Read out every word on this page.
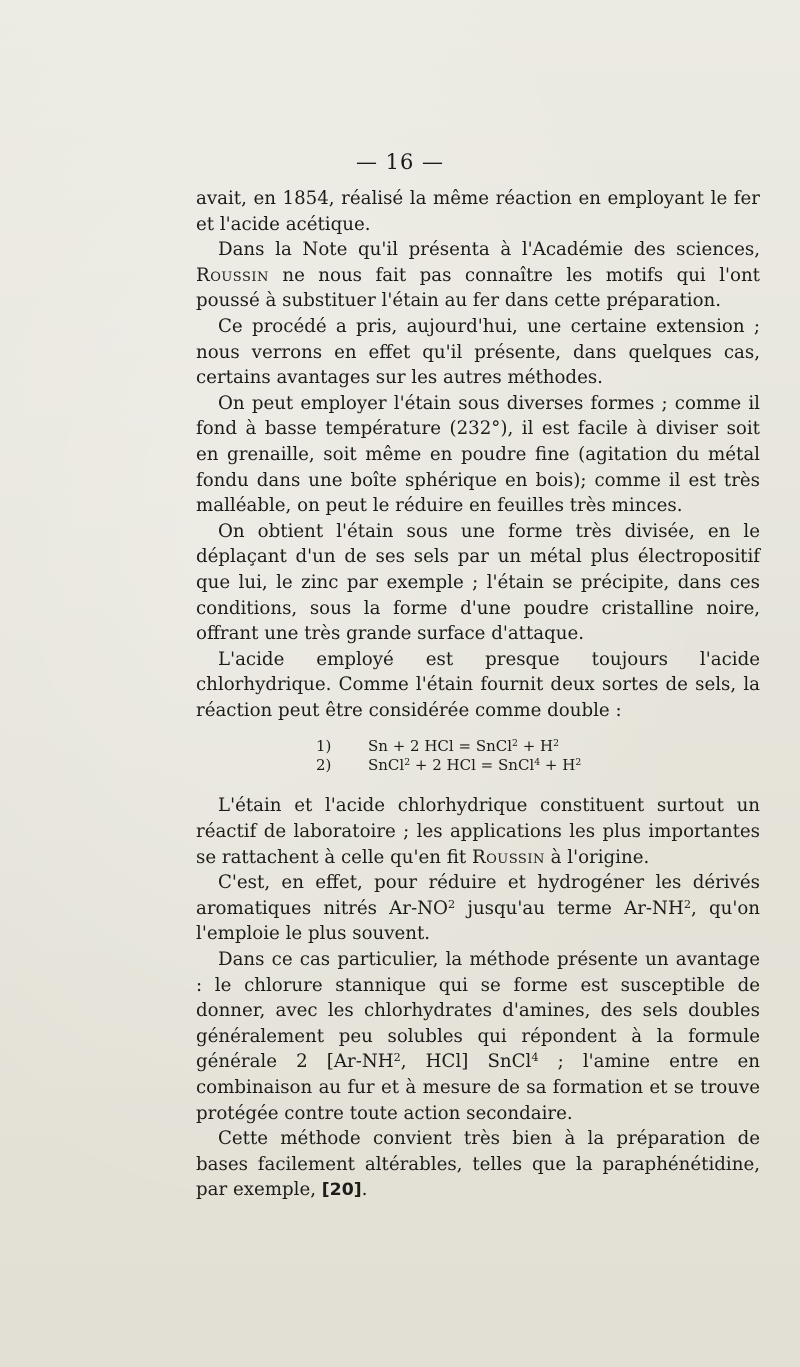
— 16 —

avait, en 1854, réalisé la même réaction en employant le fer et l'acide acétique.

Dans la Note qu'il présenta à l'Académie des sciences, Roussin ne nous fait pas connaître les motifs qui l'ont poussé à substituer l'étain au fer dans cette préparation.

Ce procédé a pris, aujourd'hui, une certaine extension ; nous verrons en effet qu'il présente, dans quelques cas, certains avantages sur les autres méthodes.

On peut employer l'étain sous diverses formes ; comme il fond à basse température (232°), il est facile à diviser soit en grenaille, soit même en poudre fine (agitation du métal fondu dans une boîte sphérique en bois); comme il est très malléable, on peut le réduire en feuilles très minces.

On obtient l'étain sous une forme très divisée, en le déplaçant d'un de ses sels par un métal plus électropositif que lui, le zinc par exemple ; l'étain se précipite, dans ces conditions, sous la forme d'une poudre cristalline noire, offrant une très grande surface d'attaque.

L'acide employé est presque toujours l'acide chlorhydrique. Comme l'étain fournit deux sortes de sels, la réaction peut être considérée comme double :

1)	Sn + 2 HCl = SnCl$^2$ + $H^2$
2)	SnCl$^2$ + 2 HCl = SnCl$^4$ + $H^2$

L'étain et l'acide chlorhydrique constituent surtout un réactif de laboratoire ; les applications les plus importantes se rattachent à celle qu'en fit Roussin à l'origine.

C'est, en effet, pour réduire et hydrogéner les dérivés aromatiques nitrés $Ar-NO^2$ jusqu'au terme $Ar-NH^2$, qu'on l'emploie le plus souvent.

Dans ce cas particulier, la méthode présente un avantage : le chlorure stannique qui se forme est susceptible de donner, avec les chlorhydrates d'amines, des sels doubles généralement peu solubles qui répondent à la formule générale 2 [$Ar-NH^2$, HCl] SnCl$^4$ ; l'amine entre en combinaison au fur et à mesure de sa formation et se trouve protégée contre toute action secondaire.

Cette méthode convient très bien à la préparation de bases facilement altérables, telles que la paraphénétidine, par exemple, [20].
